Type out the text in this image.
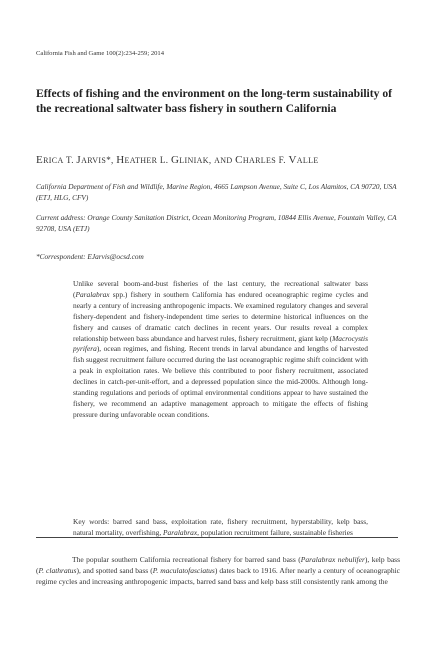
California Fish and Game 100(2):234-259; 2014
Effects of fishing and the environment on the long-term sustainability of the recreational saltwater bass fishery in southern California
ERICA T. JARVIS*, HEATHER L. GLINIAK, AND CHARLES F. VALLE
California Department of Fish and Wildlife, Marine Region, 4665 Lampson Avenue, Suite C, Los Alamitos, CA 90720, USA (ETJ, HLG, CFV)
Current address: Orange County Sanitation District, Ocean Monitoring Program, 10844 Ellis Avenue, Fountain Valley, CA 92708, USA (ETJ)
*Correspondent: EJarvis@ocsd.com

Unlike several boom-and-bust fisheries of the last century, the recreational saltwater bass (Paralabrax spp.) fishery in southern California has endured oceanographic regime cycles and nearly a century of increasing anthropogenic impacts. We examined regulatory changes and several fishery-dependent and fishery-independent time series to determine historical influences on the fishery and causes of dramatic catch declines in recent years. Our results reveal a complex relationship between bass abundance and harvest rules, fishery recruitment, giant kelp (Macrocystis pyrifera), ocean regimes, and fishing. Recent trends in larval abundance and lengths of harvested fish suggest recruitment failure occurred during the last oceanographic regime shift coincident with a peak in exploitation rates. We believe this contributed to poor fishery recruitment, associated declines in catch-per-unit-effort, and a depressed population since the mid-2000s. Although long-standing regulations and periods of optimal environmental conditions appear to have sustained the fishery, we recommend an adaptive management approach to mitigate the effects of fishing pressure during unfavorable ocean conditions.

Key words: barred sand bass, exploitation rate, fishery recruitment, hyperstability, kelp bass, natural mortality, overfishing, Paralabrax, population recruitment failure, sustainable fisheries

The popular southern California recreational fishery for barred sand bass (Paralabrax nebulifer), kelp bass (P. clathratus), and spotted sand bass (P. maculatofasciatus) dates back to 1916. After nearly a century of oceanographic regime cycles and increasing anthropogenic impacts, barred sand bass and kelp bass still consistently rank among the
